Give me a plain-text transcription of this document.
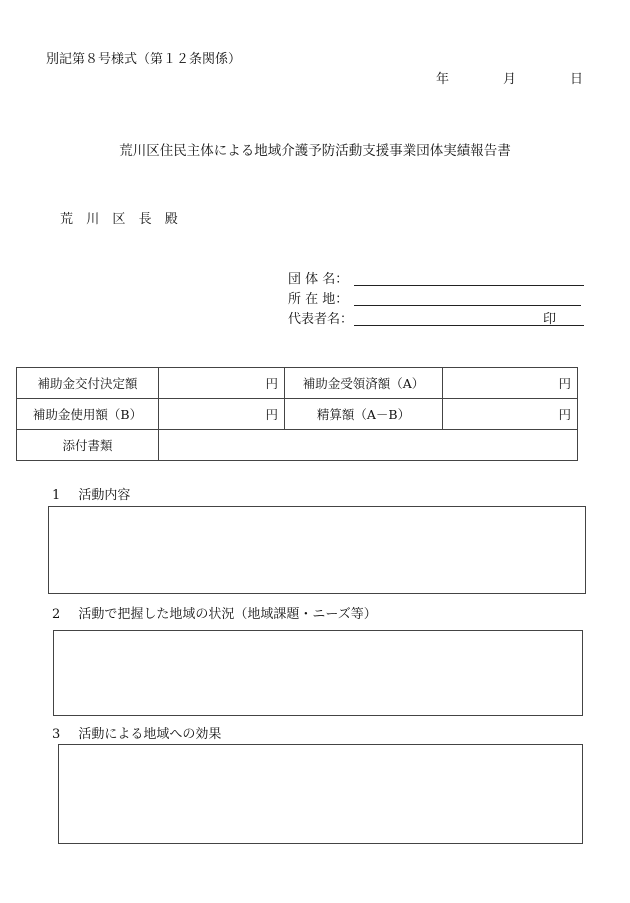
別記第８号様式（第１２条関係）
年	月	日
荒川区住民主体による地域介護予防活動支援事業団体実績報告書
荒　川　区　長　殿
団 体 名：
所 在 地：
代表者名：	印
補助金交付決定額	円	補助金受領済額（A）	円
補助金使用額（B）	円	精算額（A－B）	円
添付書類			
1 活動内容
2 活動で把握した地域の状況（地域課題・ニーズ等）
3 活動による地域への効果
